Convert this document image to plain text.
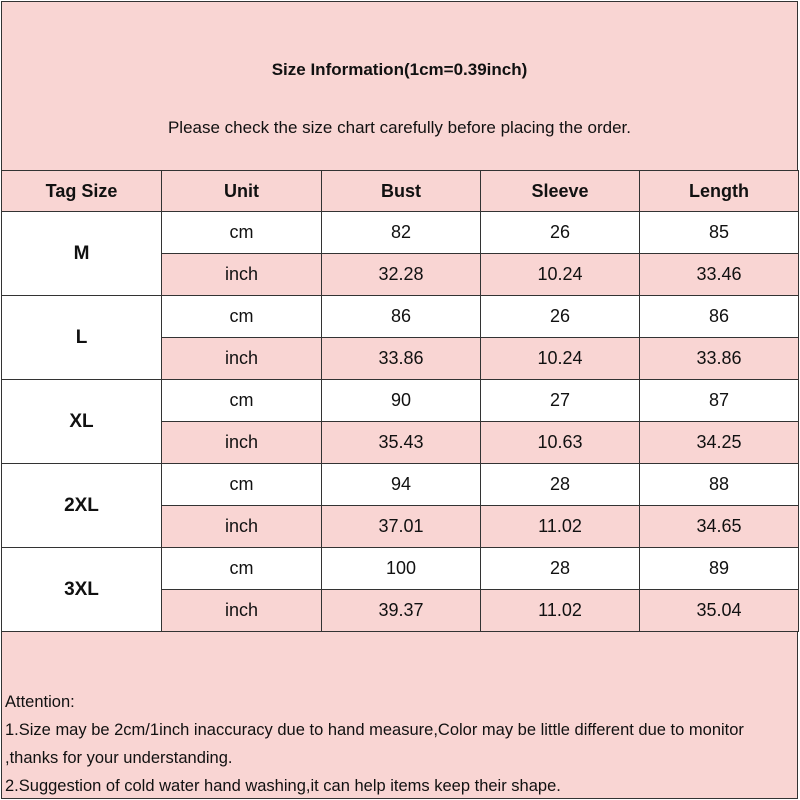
Size Information(1cm=0.39inch)
Please check the size chart carefully before placing the order.
Tag Size	Unit	Bust	Sleeve	Length
M	cm	82	26	85
	inch	32.28	10.24	33.46
L	cm	86	26	86
	inch	33.86	10.24	33.86
XL	cm	90	27	87
	inch	35.43	10.63	34.25
2XL	cm	94	28	88
	inch	37.01	11.02	34.65
3XL	cm	100	28	89
	inch	39.37	11.02	35.04

Attention:

1.Size may be 2cm/1inch inaccuracy due to hand measure,Color may be little different due to monitor ,thanks for your understanding.

2.Suggestion of cold water hand washing,it can help items keep their shape.
